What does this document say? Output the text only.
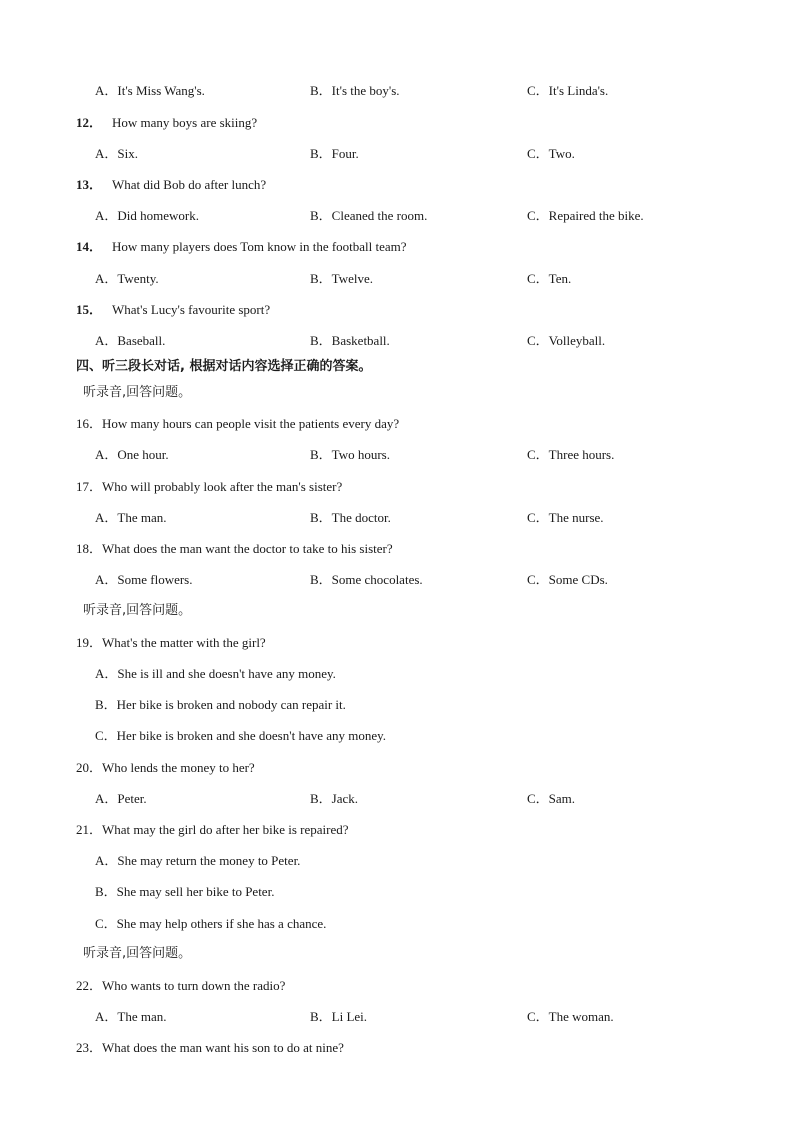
A．It's Miss Wang's.	B．It's the boy's.	C．It's Linda's.
12． How many boys are skiing?
A．Six.	B．Four.	C．Two.
13． What did Bob do after lunch?
A．Did homework.	B．Cleaned the room.	C．Repaired the bike.
14． How many players does Tom know in the football team?
A．Twenty.	B．Twelve.	C．Ten.
15． What's Lucy's favourite sport?
A．Baseball.	B．Basketball.	C．Volleyball.
四、听三段长对话, 根据对话内容选择正确的答案。
听录音,回答问题。
16．How many hours can people visit the patients every day?
A．One hour.	B．Two hours.	C．Three hours.
17．Who will probably look after the man's sister?
A．The man.	B．The doctor.	C．The nurse.
18．What does the man want the doctor to take to his sister?
A．Some flowers.	B．Some chocolates.	C．Some CDs.
听录音,回答问题。
19．What's the matter with the girl?
A．She is ill and she doesn't have any money.
B．Her bike is broken and nobody can repair it.
C．Her bike is broken and she doesn't have any money.
20．Who lends the money to her?
A．Peter.	B．Jack.	C．Sam.
21．What may the girl do after her bike is repaired?
A．She may return the money to Peter.
B．She may sell her bike to Peter.
C．She may help others if she has a chance.
听录音,回答问题。
22．Who wants to turn down the radio?
A．The man.	B．Li Lei.	C．The woman.
23．What does the man want his son to do at nine?
